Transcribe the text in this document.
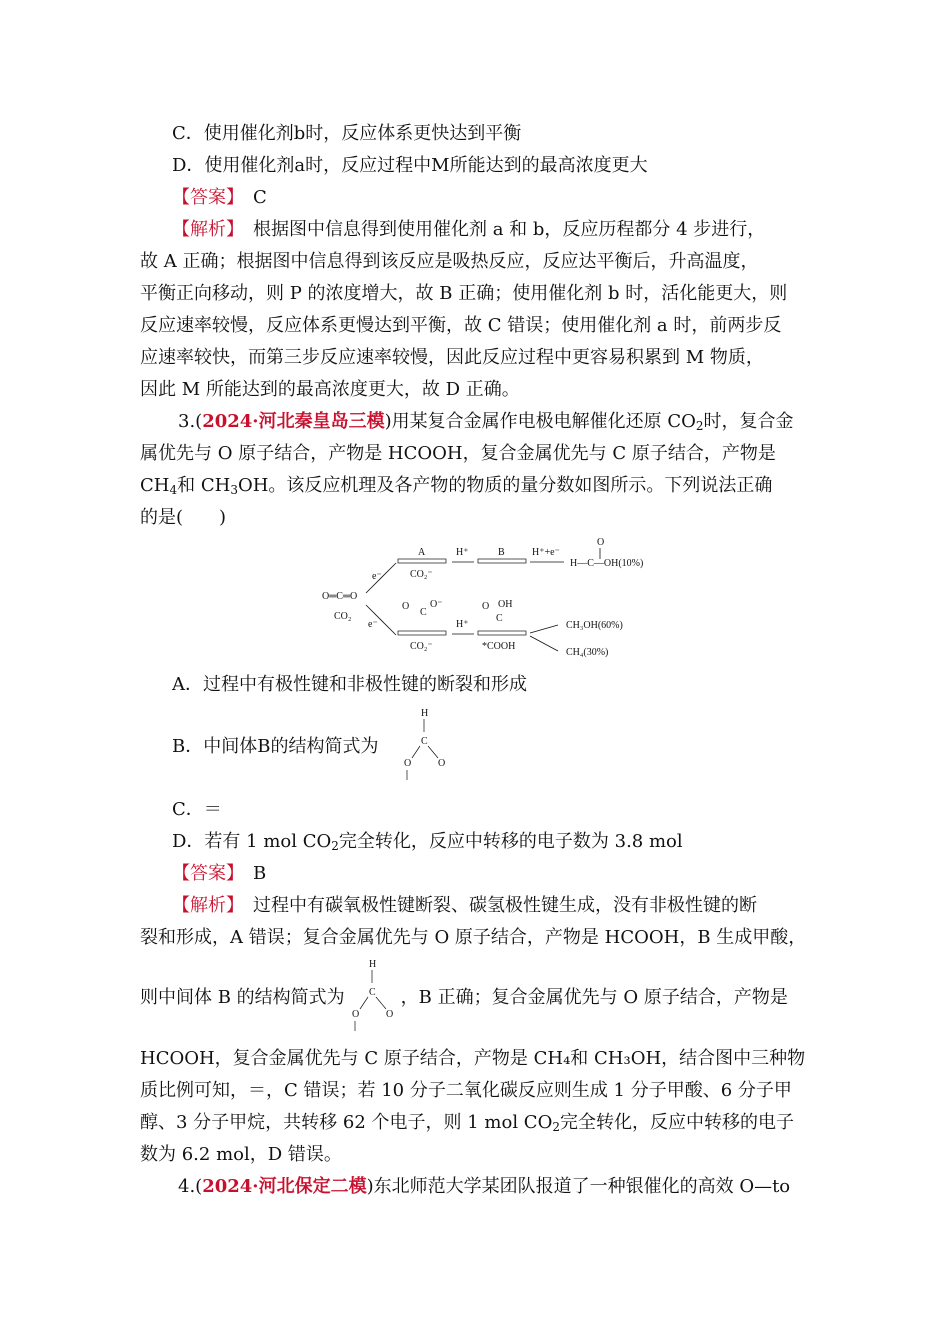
C．使用催化剂b时，反应体系更快达到平衡
D．使用催化剂a时，反应过程中M所能达到的最高浓度更大
【答案】　 C
【解析】　 根据图中信息得到使用催化剂 a 和 b，反应历程都分 4 步进行，
故 A 正确；根据图中信息得到该反应是吸热反应，反应达平衡后，升高温度，
平衡正向移动，则 P 的浓度增大，故 B 正确；使用催化剂 b 时，活化能更大，则
反应速率较慢，反应体系更慢达到平衡，故 C 错误；使用催化剂 a 时，前两步反
应速率较快，而第三步反应速率较慢，因此反应过程中更容易积累到 M 物质，
因此 M 所能达到的最高浓度更大，故 D 正确。
3.(2024·河北秦皇岛三模)用某复合金属作电极电解催化还原 $CO_2$时，复合金
属优先与 O 原子结合，产物是 HCOOH，复合金属优先与 C 原子结合，产物是
$CH_4$和 $CH_3OH$。该反应机理及各产物的物质的量分数如图所示。下列说法正确
的是(　　)
O═C═O
CO₂
e⁻
e⁻
A
CO₂⁻
H⁺	B	H⁺+e⁻
O
H—C—OH(10%)
O
C
O⁻
CO₂⁻
H⁺
O OH
C
*COOH
CH₃OH(60%)
CH₄(30%)
A．过程中有极性键和非极性键的断裂和形成
B．中间体B的结构简式为
H
C
O
O
C．＝
D．若有 1 mol $CO_2$完全转化，反应中转移的电子数为 3.8 mol
【答案】　 B
【解析】　 过程中有碳氧极性键断裂、碳氢极性键生成，没有非极性键的断
裂和形成，A 错误；复合金属优先与 O 原子结合，产物是 HCOOH，B 生成甲酸，
则中间体 B 的结构简式为	，B 正确；复合金属优先与 O 原子结合，产物是
H
C
O
O
HCOOH，复合金属优先与 C 原子结合，产物是 CH₄和 CH₃OH，结合图中三种物
质比例可知，＝，C 错误；若 10 分子二氧化碳反应则生成 1 分子甲酸、6 分子甲
醇、3 分子甲烷，共转移 62 个电子，则 1 mol $CO_2$完全转化，反应中转移的电子
数为 6.2 mol，D 错误。
4.(2024·河北保定二模)东北师范大学某团队报道了一种银催化的高效 O—to
